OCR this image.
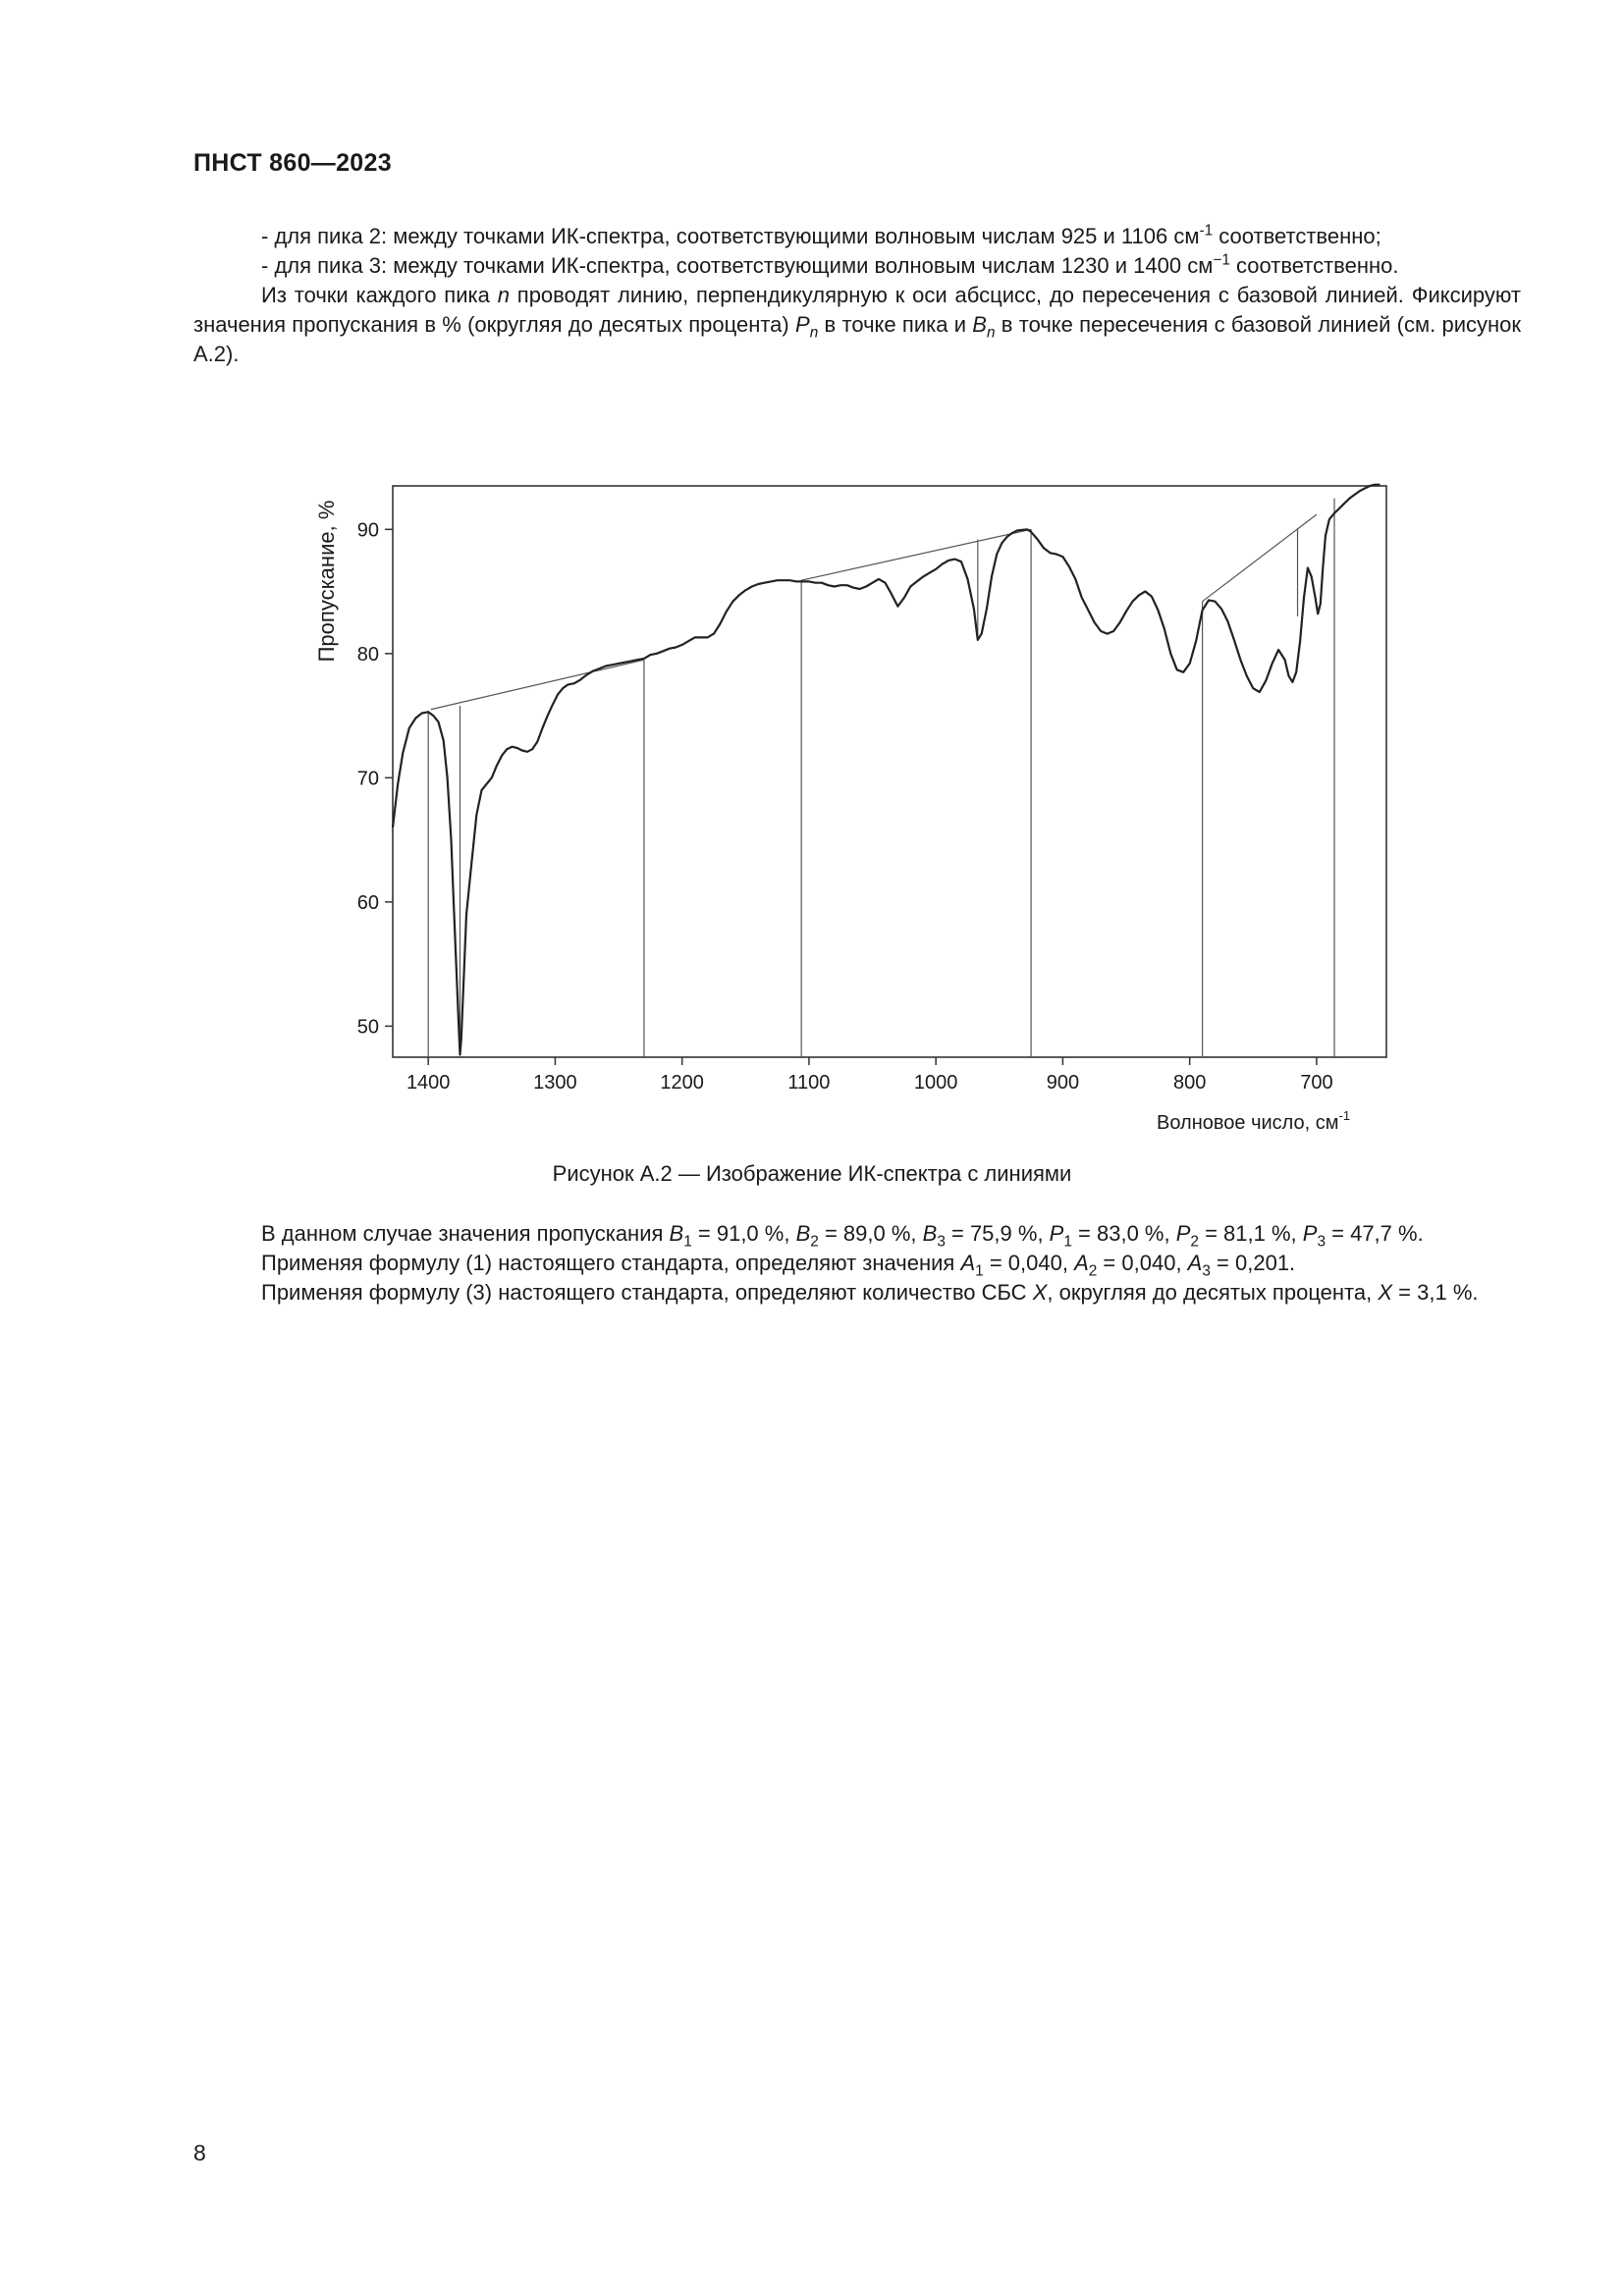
ПНСТ 860—2023

- для пика 2: между точками ИК-спектра, соответствующими волновым числам 925 и 1106 $см^{-1}$ соответственно;

- для пика 3: между точками ИК-спектра, соответствующими волновым числам 1230 и 1400 $см^{-1}$ соответственно.

Из точки каждого пика n проводят линию, перпендикулярную к оси абсцисс, до пересечения с базовой линией. Фиксируют значения пропускания в % (округляя до десятых процента) $P_n$ в точке пика и $B_n$ в точке пересечения с базовой линией (см. рисунок А.2).

1400	1300	1200	1100	1000	900	800	700
50
60
70
80
90
Пропускание, %
Волновое число, $см^{-1}$
Рисунок А.2 — Изображение ИК-спектра с линиями

В данном случае значения пропускания $B_1 = 91,0$ %, $B_2 = 89,0$ %, $B_3 = 75,9$ %, $P_1 = 83,0$ %, $P_2 = 81,1$ %, $P_3 = 47,7$ %.

Применяя формулу (1) настоящего стандарта, определяют значения $A_1 = 0,040$, $A_2 = 0,040$, $A_3 = 0,201$.

Применяя формулу (3) настоящего стандарта, определяют количество СБС X, округляя до десятых процента, X = 3,1 %.

8
